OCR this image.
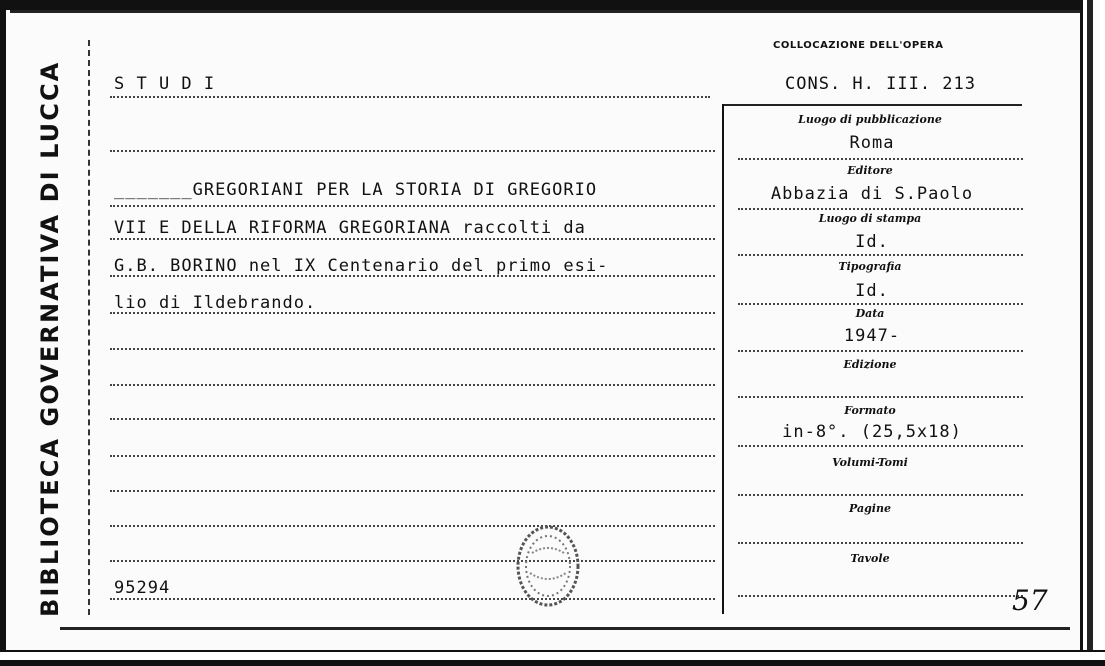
BIBLIOTECA GOVERNATIVA DI LUCCA
COLLOCAZIONE DELL'OPERA
S T U D I	CONS. H. III. 213
_______GREGORIANI PER LA STORIA DI GREGORIO
VII E DELLA RIFORMA GREGORIANA raccolti da
G.B. BORINO nel IX Centenario del primo esi-
lio di Ildebrando.
95294
Luogo di pubblicazione
Roma
Editore
Abbazia di S.Paolo
Luogo di stampa
Id.
Tipografia
Id.
Data
1947-
Edizione
Formato
in-8°. (25,5x18)
Volumi-Tomi
Pagine
Tavole
57
